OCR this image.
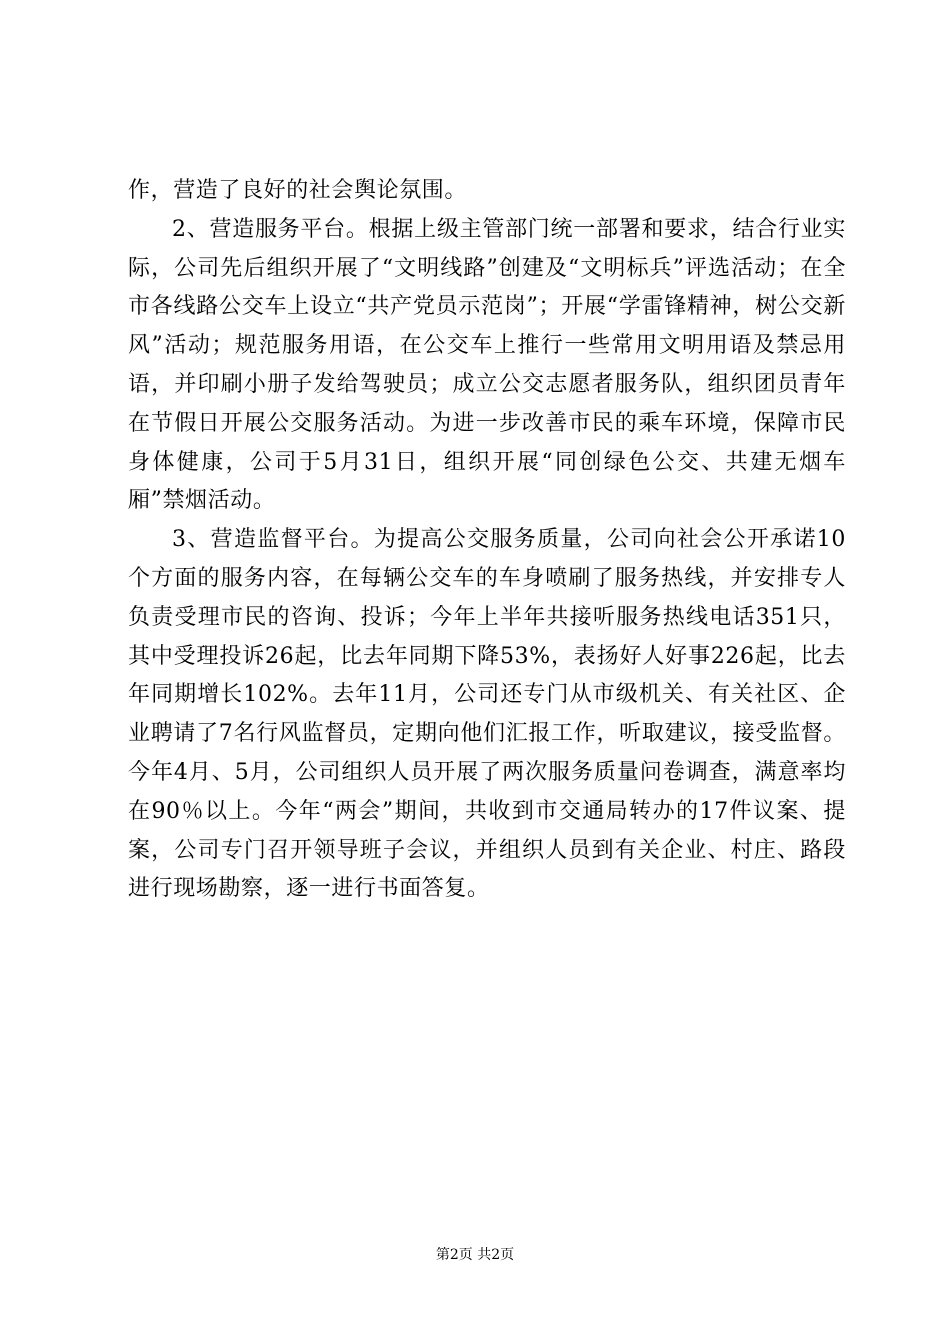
作，营造了良好的社会舆论氛围。

2、营造服务平台。根据上级主管部门统一部署和要求，结合行业实际，公司先后组织开展了“文明线路”创建及“文明标兵”评选活动；在全市各线路公交车上设立“共产党员示范岗”；开展“学雷锋精神，树公交新风”活动；规范服务用语，在公交车上推行一些常用文明用语及禁忌用语，并印刷小册子发给驾驶员；成立公交志愿者服务队，组织团员青年在节假日开展公交服务活动。为进一步改善市民的乘车环境，保障市民身体健康，公司于5月31日，组织开展“同创绿色公交、共建无烟车厢”禁烟活动。

3、营造监督平台。为提高公交服务质量，公司向社会公开承诺10个方面的服务内容，在每辆公交车的车身喷刷了服务热线，并安排专人负责受理市民的咨询、投诉；今年上半年共接听服务热线电话351只，其中受理投诉26起，比去年同期下降53%，表扬好人好事226起，比去年同期增长102%。去年11月，公司还专门从市级机关、有关社区、企业聘请了7名行风监督员，定期向他们汇报工作，听取建议，接受监督。今年4月、5月，公司组织人员开展了两次服务质量问卷调查，满意率均在90％以上。今年“两会”期间，共收到市交通局转办的17件议案、提案，公司专门召开领导班子会议，并组织人员到有关企业、村庄、路段进行现场勘察，逐一进行书面答复。

第2页 共2页
